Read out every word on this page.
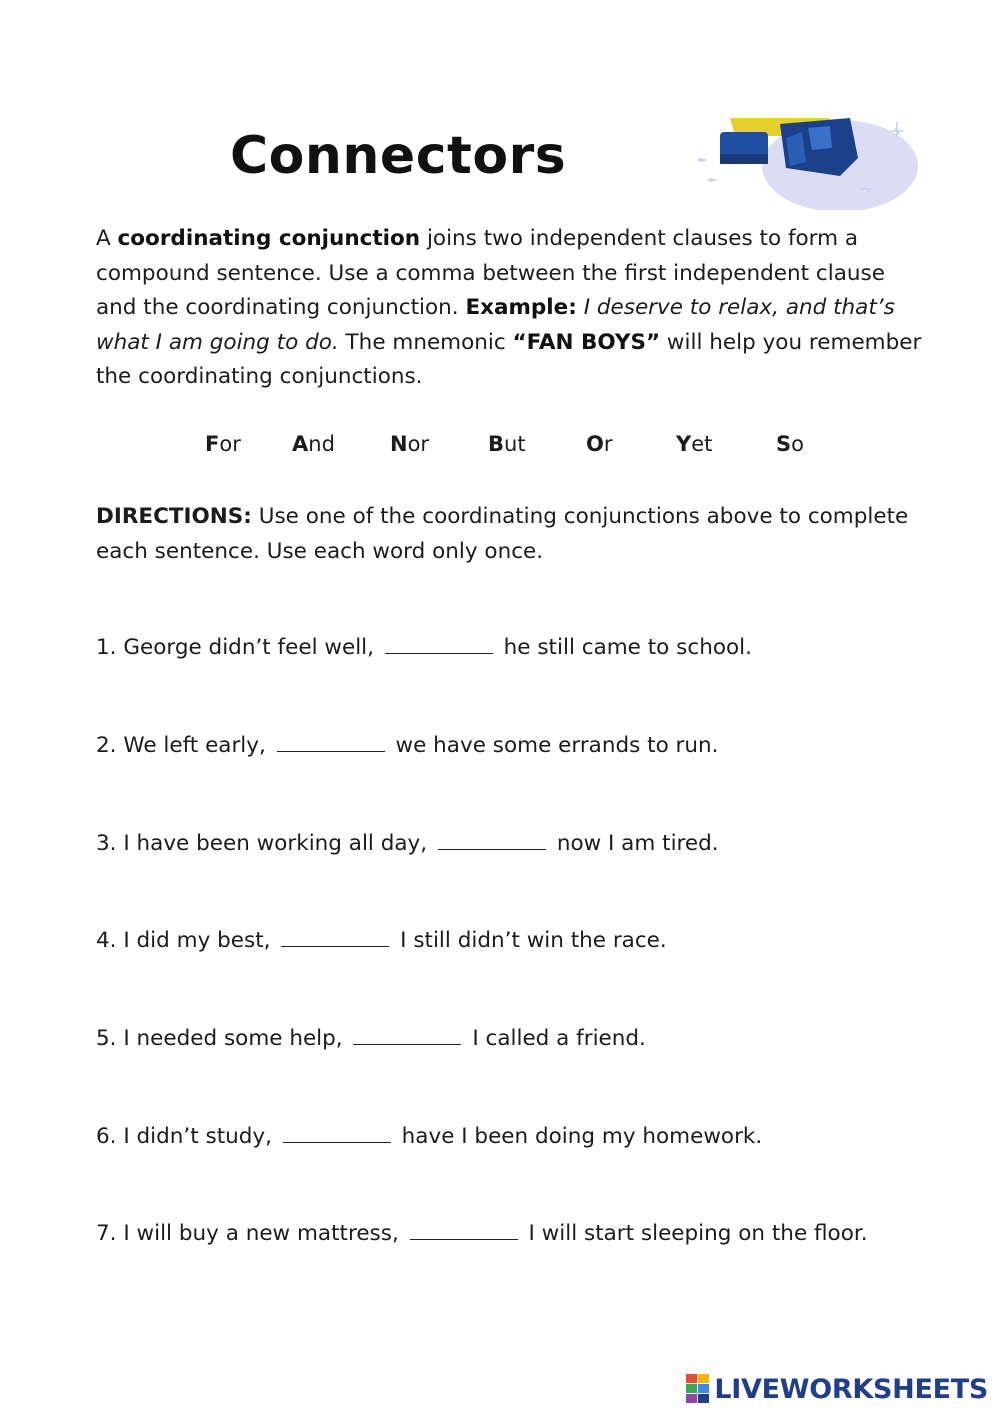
Connectors

A coordinating conjunction joins two independent clauses to form a compound sentence. Use a comma between the first independent clause and the coordinating conjunction. Example: I deserve to relax, and that’s what I am going to do. The mnemonic “FAN BOYS” will help you remember the coordinating conjunctions.

For And	Nor	But	Or	Yet	So

DIRECTIONS: Use one of the coordinating conjunctions above to complete each sentence. Use each word only once.

1. George didn’t feel well,	he still came to school.
2. We left early,	we have some errands to run.
3. I have been working all day,	now I am tired.
4. I did my best,	I still didn’t win the race.
5. I needed some help,	I called a friend.
6. I didn’t study,	have I been doing my homework.
7. I will buy a new mattress,	I will start sleeping on the floor.
LIVEWORKSHEETS
